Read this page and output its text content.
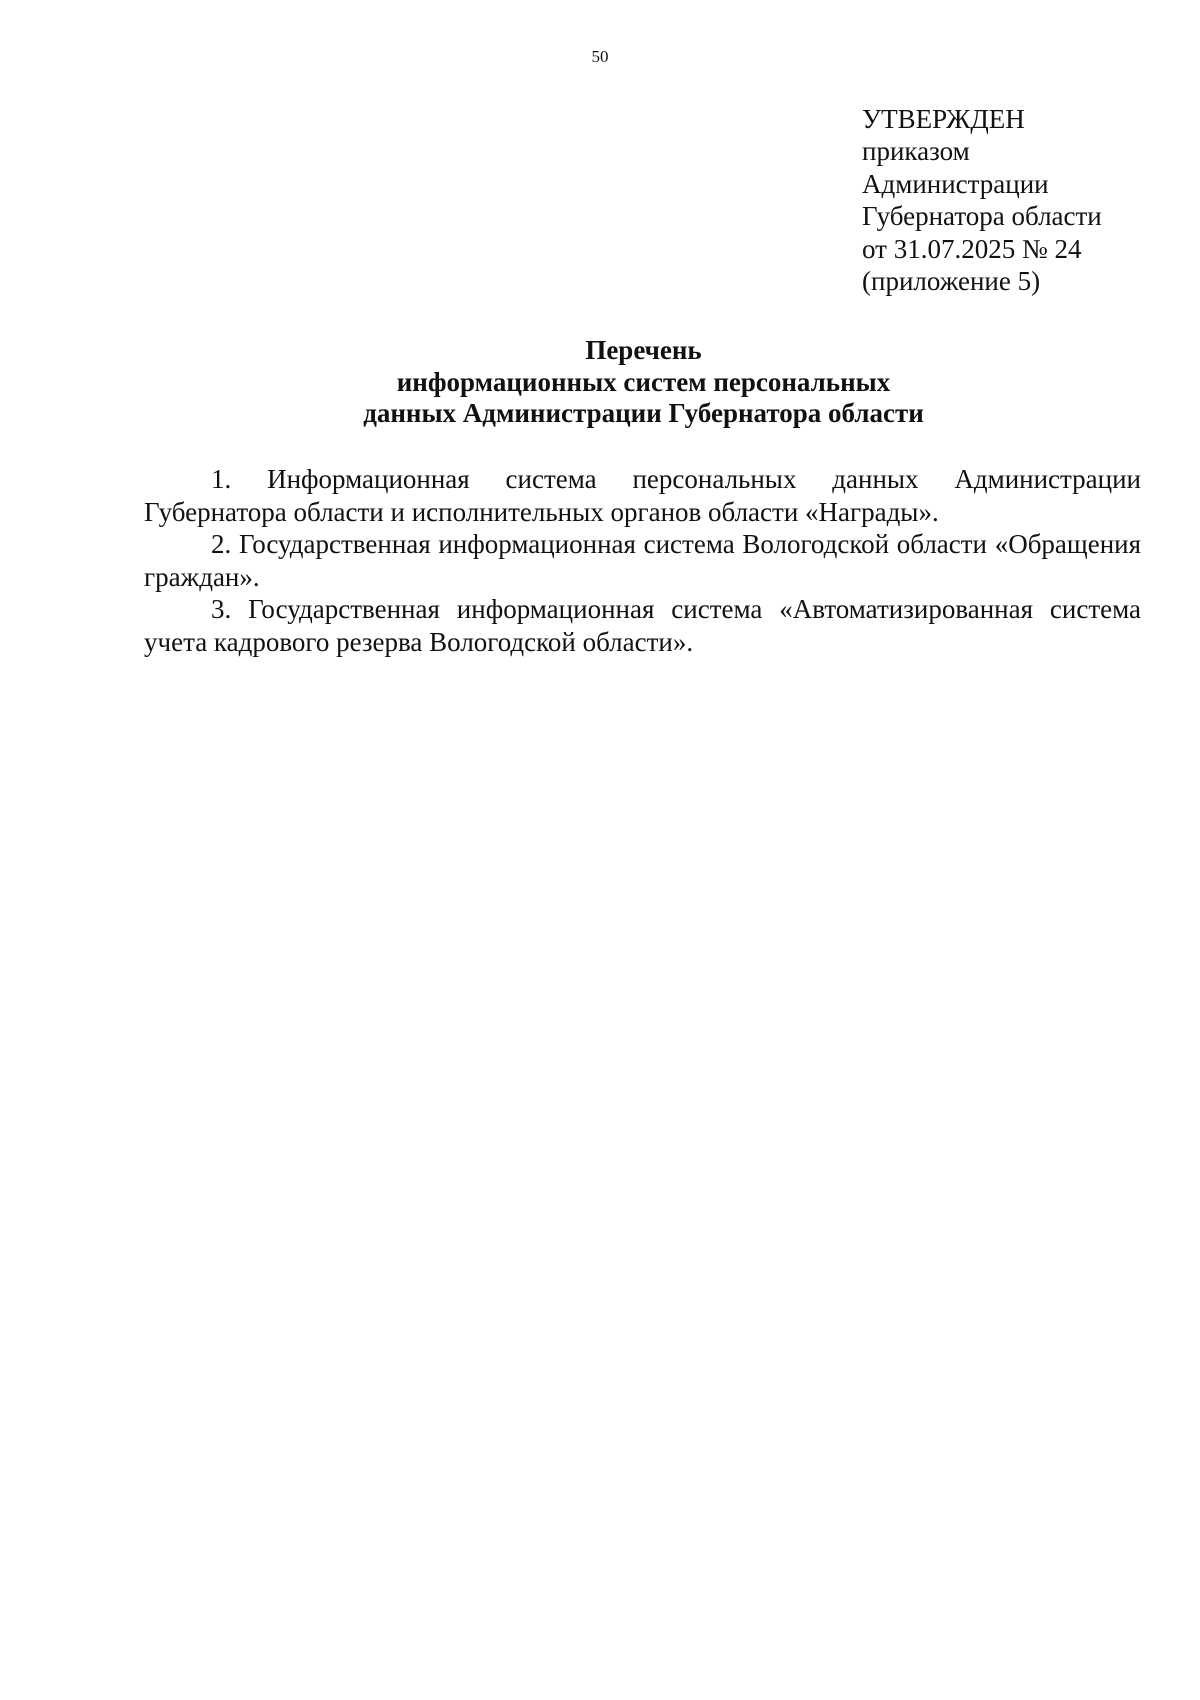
50
УТВЕРЖДЕН
приказом
Администрации
Губернатора области
от 31.07.2025 № 24
(приложение 5)
Перечень
информационных систем персональных
данных Администрации Губернатора области

1. Информационная система персональных данных Администрации Губернатора области и исполнительных органов области «Награды».

2. Государственная информационная система Вологодской области «Обращения граждан».

3. Государственная информационная система «Автоматизированная система учета кадрового резерва Вологодской области».
